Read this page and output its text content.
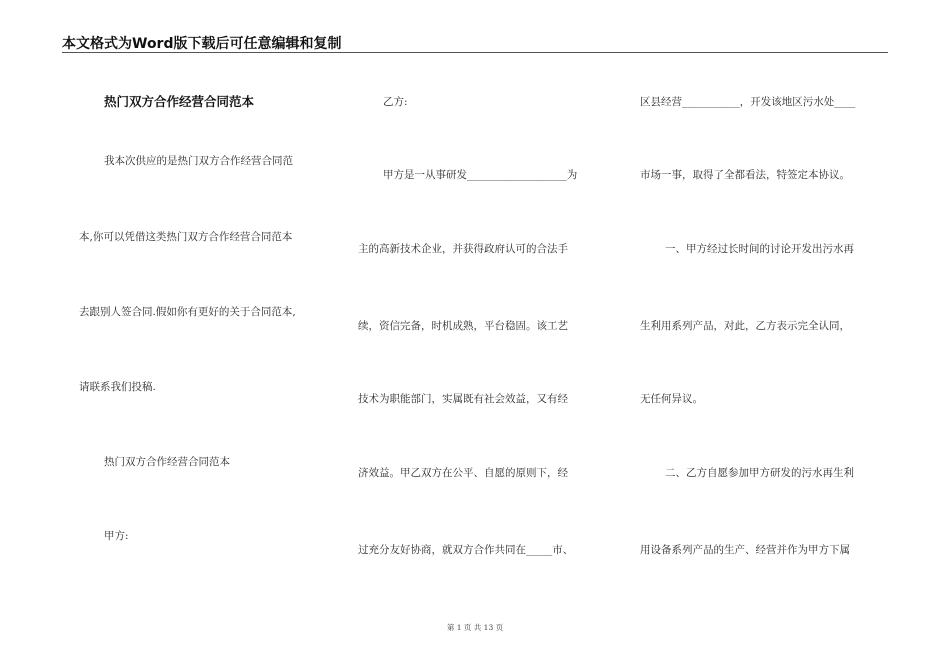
本文格式为Word版下载后可任意编辑和复制
热门双方合作经营合同范本
我本次供应的是热门双方合作经营合同范
本,你可以凭借这类热门双方合作经营合同范本
去跟别人签合同.假如你有更好的关于合同范本,
请联系我们投稿.
热门双方合作经营合同范本
甲方:
乙方:
甲方是一从事研发___________________为
主的高新技术企业，并获得政府认可的合法手
续，资信完备，时机成熟，平台稳固。该工艺
技术为职能部门，实属既有社会效益，又有经
济效益。甲乙双方在公平、自愿的原则下，经
过充分友好协商，就双方合作共同在_____市、
区县经营___________，开发该地区污水处____
市场一事，取得了全都看法，特签定本协议。
一、甲方经过长时间的讨论开发出污水再
生利用系列产品，对此，乙方表示完全认同，
无任何异议。
二、乙方自愿参加甲方研发的污水再生利
用设备系列产品的生产、经营并作为甲方下属
第 1 页 共 13 页
